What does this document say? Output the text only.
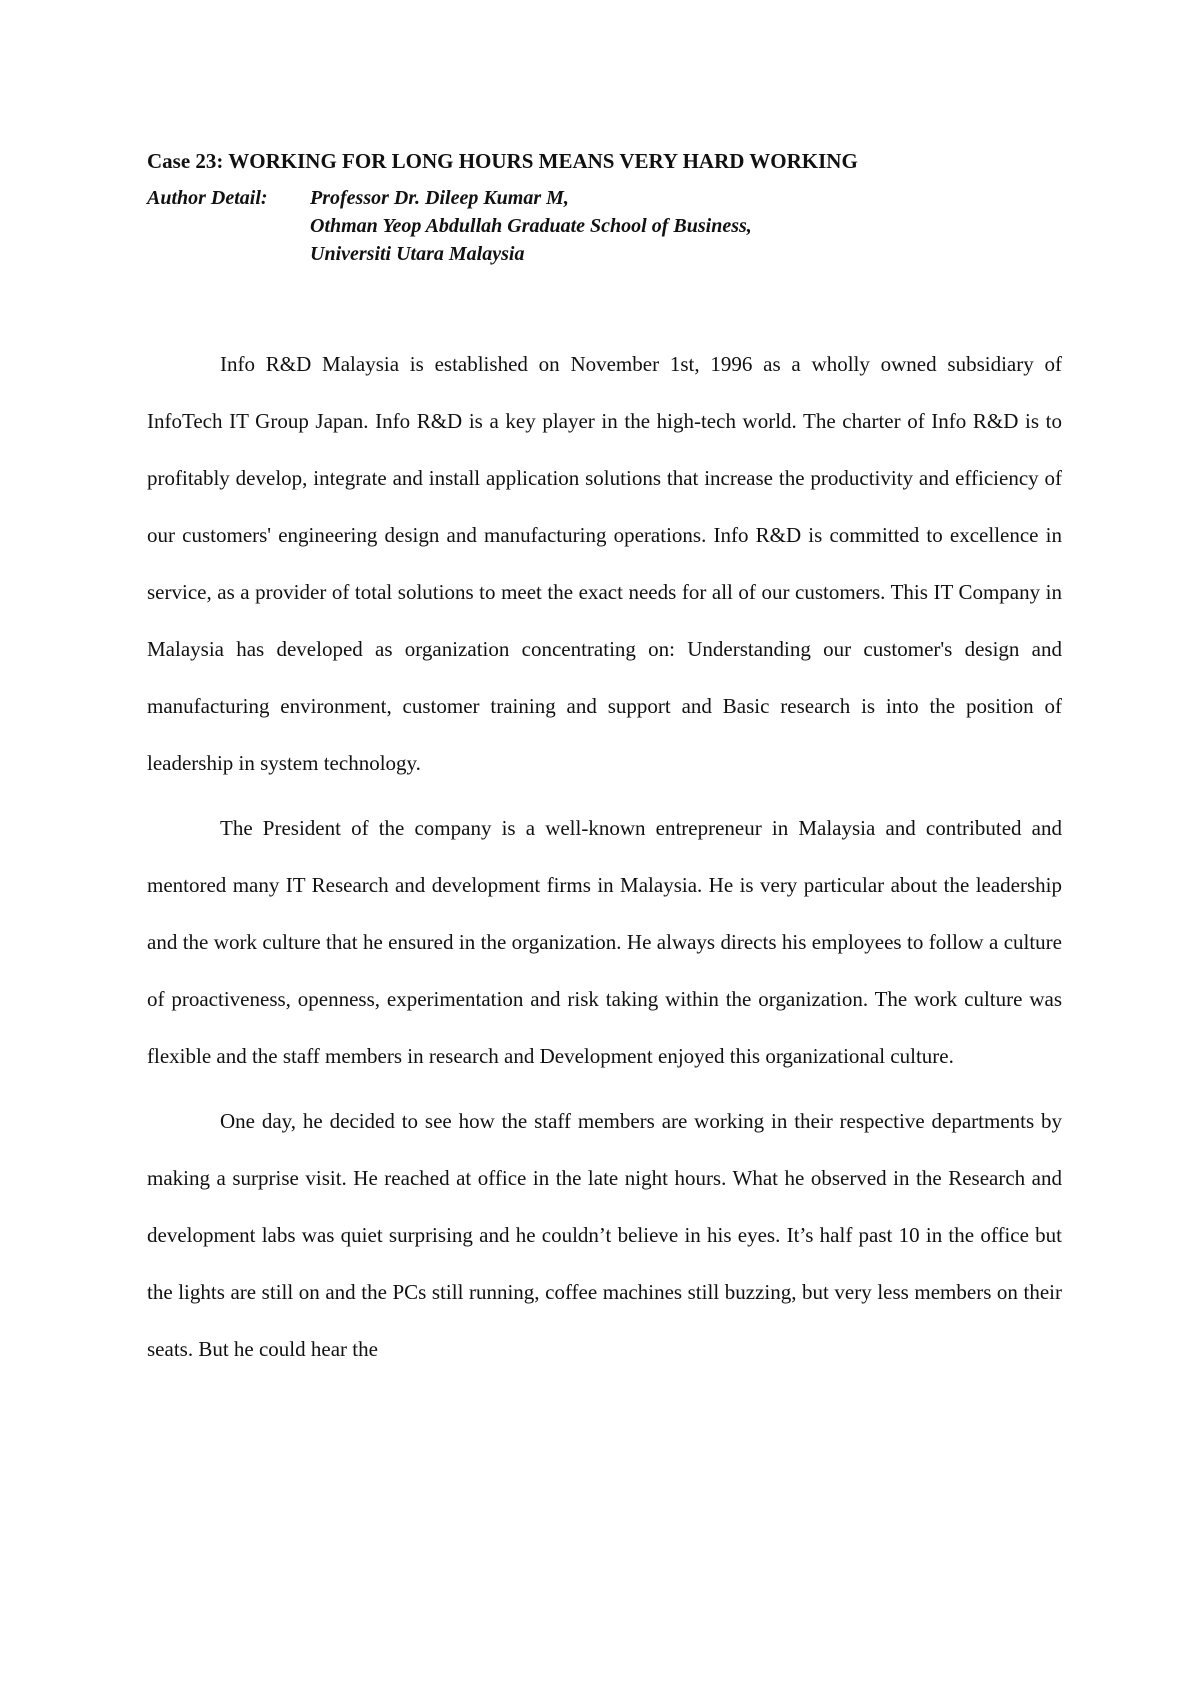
Case 23: WORKING FOR LONG HOURS MEANS VERY HARD WORKING
Author Detail:	Professor Dr. Dileep Kumar M,
Othman Yeop Abdullah Graduate School of Business,
Universiti Utara Malaysia

Info R&D Malaysia is established on November 1st, 1996 as a wholly owned subsidiary of InfoTech IT Group Japan. Info R&D is a key player in the high-tech world. The charter of Info R&D is to profitably develop, integrate and install application solutions that increase the productivity and efficiency of our customers' engineering design and manufacturing operations. Info R&D is committed to excellence in service, as a provider of total solutions to meet the exact needs for all of our customers. This IT Company in Malaysia has developed as organization concentrating on: Understanding our customer's design and manufacturing environment, customer training and support and Basic research is into the position of leadership in system technology.

The President of the company is a well-known entrepreneur in Malaysia and contributed and mentored many IT Research and development firms in Malaysia. He is very particular about the leadership and the work culture that he ensured in the organization. He always directs his employees to follow a culture of proactiveness, openness, experimentation and risk taking within the organization. The work culture was flexible and the staff members in research and Development enjoyed this organizational culture.

One day, he decided to see how the staff members are working in their respective departments by making a surprise visit. He reached at office in the late night hours. What he observed in the Research and development labs was quiet surprising and he couldn’t believe in his eyes. It’s half past 10 in the office but the lights are still on and the PCs still running, coffee machines still buzzing, but very less members on their seats. But he could hear the
